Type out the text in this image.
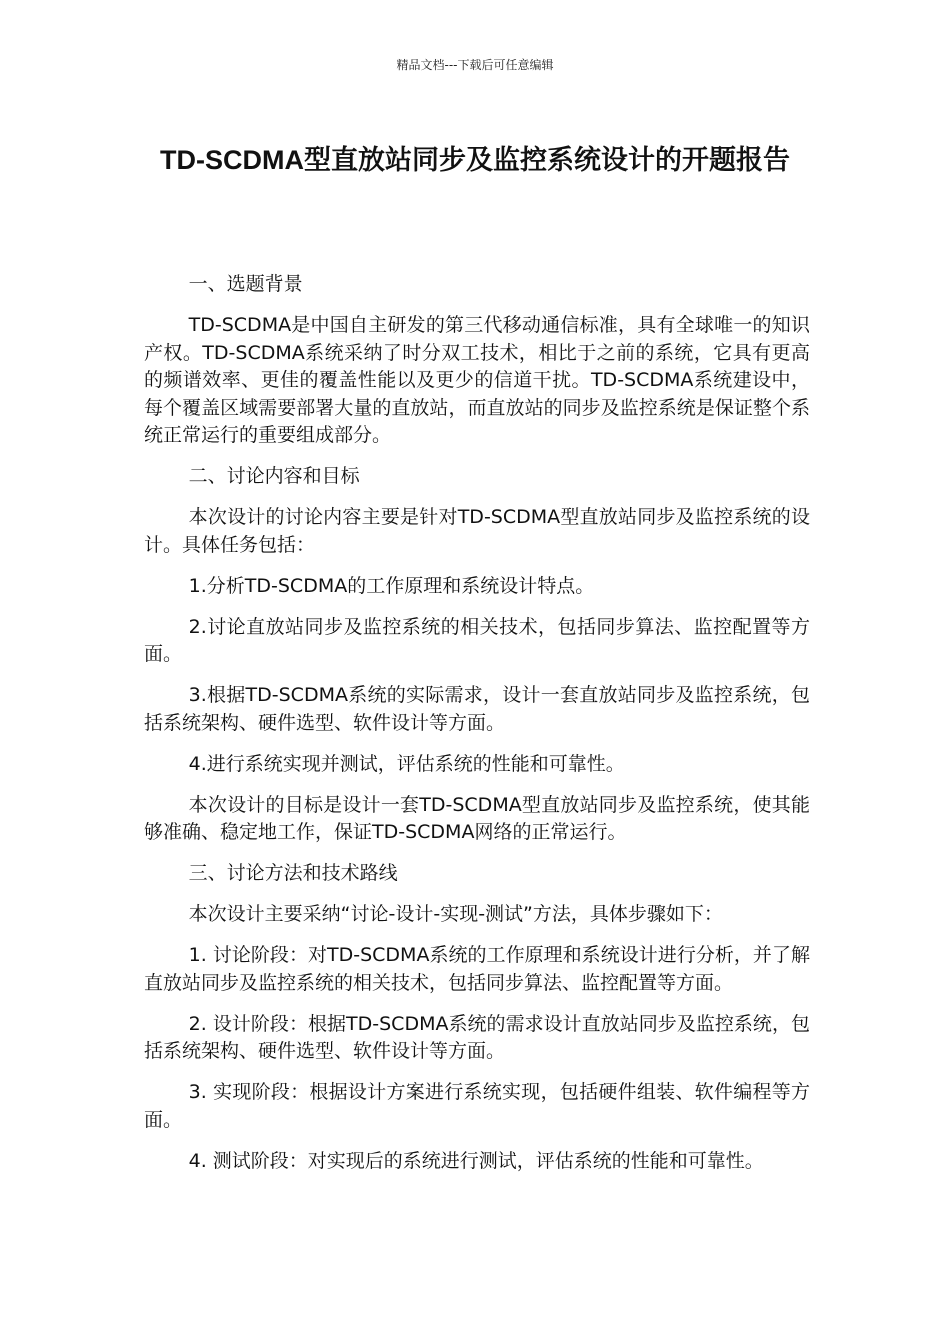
精品文档---下载后可任意编辑
TD-SCDMA型直放站同步及监控系统设计的开题报告

一、选题背景

TD-SCDMA是中国自主研发的第三代移动通信标准，具有全球唯一的知识产权。TD-SCDMA系统采纳了时分双工技术，相比于之前的系统，它具有更高的频谱效率、更佳的覆盖性能以及更少的信道干扰。TD-SCDMA系统建设中，每个覆盖区域需要部署大量的直放站，而直放站的同步及监控系统是保证整个系统正常运行的重要组成部分。

二、讨论内容和目标

本次设计的讨论内容主要是针对TD-SCDMA型直放站同步及监控系统的设计。具体任务包括：

1.分析TD-SCDMA的工作原理和系统设计特点。

2.讨论直放站同步及监控系统的相关技术，包括同步算法、监控配置等方面。

3.根据TD-SCDMA系统的实际需求，设计一套直放站同步及监控系统，包括系统架构、硬件选型、软件设计等方面。

4.进行系统实现并测试，评估系统的性能和可靠性。

本次设计的目标是设计一套TD-SCDMA型直放站同步及监控系统，使其能够准确、稳定地工作，保证TD-SCDMA网络的正常运行。

三、讨论方法和技术路线

本次设计主要采纳“讨论-设计-实现-测试”方法，具体步骤如下：

1. 讨论阶段：对TD-SCDMA系统的工作原理和系统设计进行分析，并了解直放站同步及监控系统的相关技术，包括同步算法、监控配置等方面。

2. 设计阶段：根据TD-SCDMA系统的需求设计直放站同步及监控系统，包括系统架构、硬件选型、软件设计等方面。

3. 实现阶段：根据设计方案进行系统实现，包括硬件组装、软件编程等方面。

4. 测试阶段：对实现后的系统进行测试，评估系统的性能和可靠性。
